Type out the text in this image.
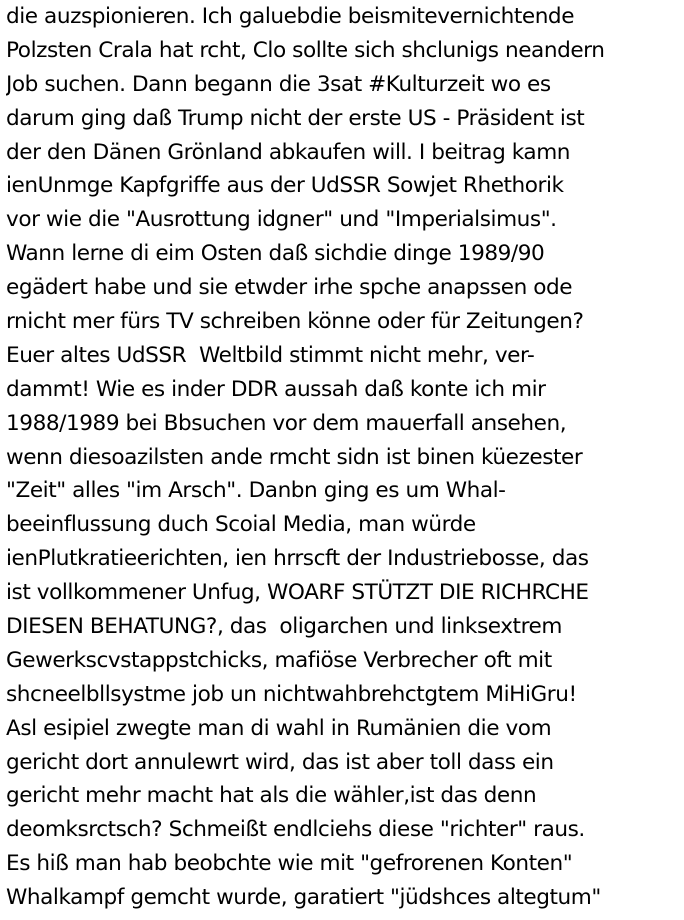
die auzspionieren. Ich galuebdie beismitevernichtende
Polzsten Crala hat rcht, Clo sollte sich shclunigs neandern
Job suchen. Dann begann die 3sat #Kulturzeit wo es
darum ging daß Trump nicht der erste US - Präsident ist
der den Dänen Grönland abkaufen will. I beitrag kamn
ienUnmge Kapfgriffe aus der UdSSR Sowjet Rhethorik
vor wie die "Ausrottung idgner" und "Imperialsimus".
Wann lerne di eim Osten daß sichdie dinge 1989/90
egädert habe und sie etwder irhe spche anapssen ode
rnicht mer fürs TV schreiben könne oder für Zeitungen?
Euer altes UdSSR  Weltbild stimmt nicht mehr, ver-
dammt! Wie es inder DDR aussah daß konte ich mir
1988/1989 bei Bbsuchen vor dem mauerfall ansehen,
wenn diesoazilsten ande rmcht sidn ist binen küezester
"Zeit" alles "im Arsch". Danbn ging es um Whal-
beeinflussung duch Scoial Media, man würde
ienPlutkratieerichten, ien hrrscft der Industriebosse, das
ist vollkommener Unfug, WOARF STÜTZT DIE RICHRCHE
DIESEN BEHATUNG?, das  oligarchen und linksextrem
Gewerkscvstappstchicks, mafiöse Verbrecher oft mit
shcneelbllsystme job un nichtwahbrehctgtem MiHiGru!
Asl esipiel zwegte man di wahl in Rumänien die vom
gericht dort annulewrt wird, das ist aber toll dass ein
gericht mehr macht hat als die wähler,ist das denn
deomksrctsch? Schmeißt endlciehs diese "richter" raus.
Es hiß man hab beobchte wie mit "gefrorenen Konten"
Whalkampf gemcht wurde, garatiert "jüdshces altegtum"
